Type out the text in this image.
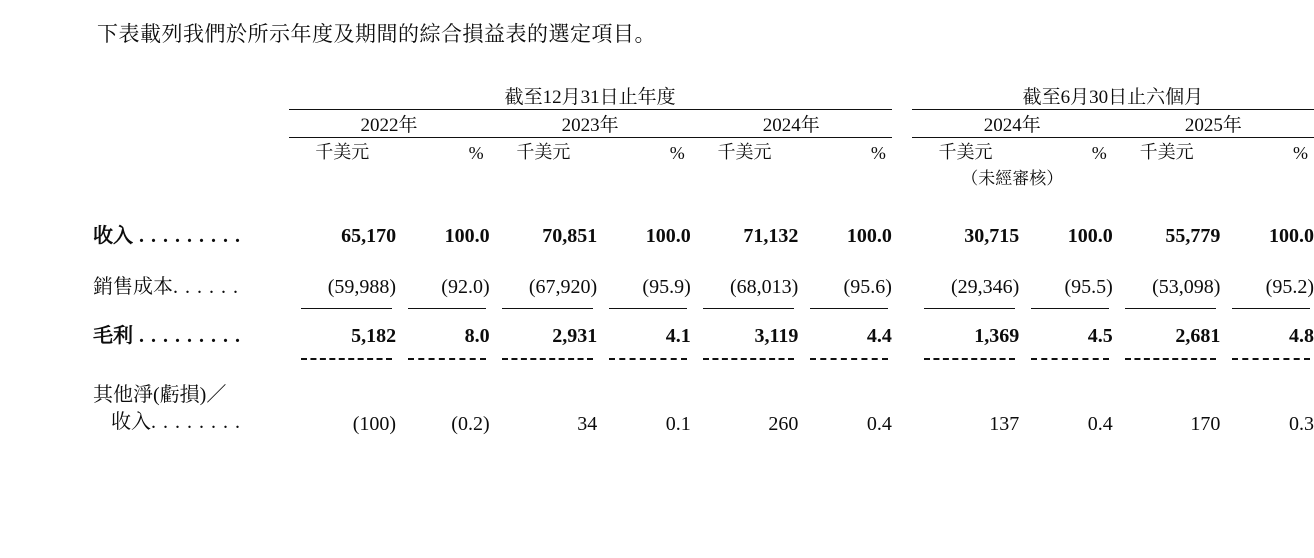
下表載列我們於所示年度及期間的綜合損益表的選定項目。
	截至12月31日止年度							截至6月30日止六個月			

	2022年		2023年		2024年			2024年		2025年	

	千美元	%	千美元	%	千美元	%		千美元	%	千美元	%
								（未經審核）			

收入 . . . . . . . . .	65,170	100.0	70,851	100.0	71,132	100.0		30,715	100.0	55,779	100.0

銷售成本. . . . . .	(59,988)	(92.0)	(67,920)	(95.9)	(68,013)	(95.6)		(29,346)	(95.5)	(53,098)	(95.2)

毛利 . . . . . . . . .	5,182	8.0	2,931	4.1	3,119	4.4		1,369	4.5	2,681	4.8

其他淨(虧損)／
收入. . . . . . . .	(100)	(0.2)	34	0.1	260	0.4		137	0.4	170	0.3
